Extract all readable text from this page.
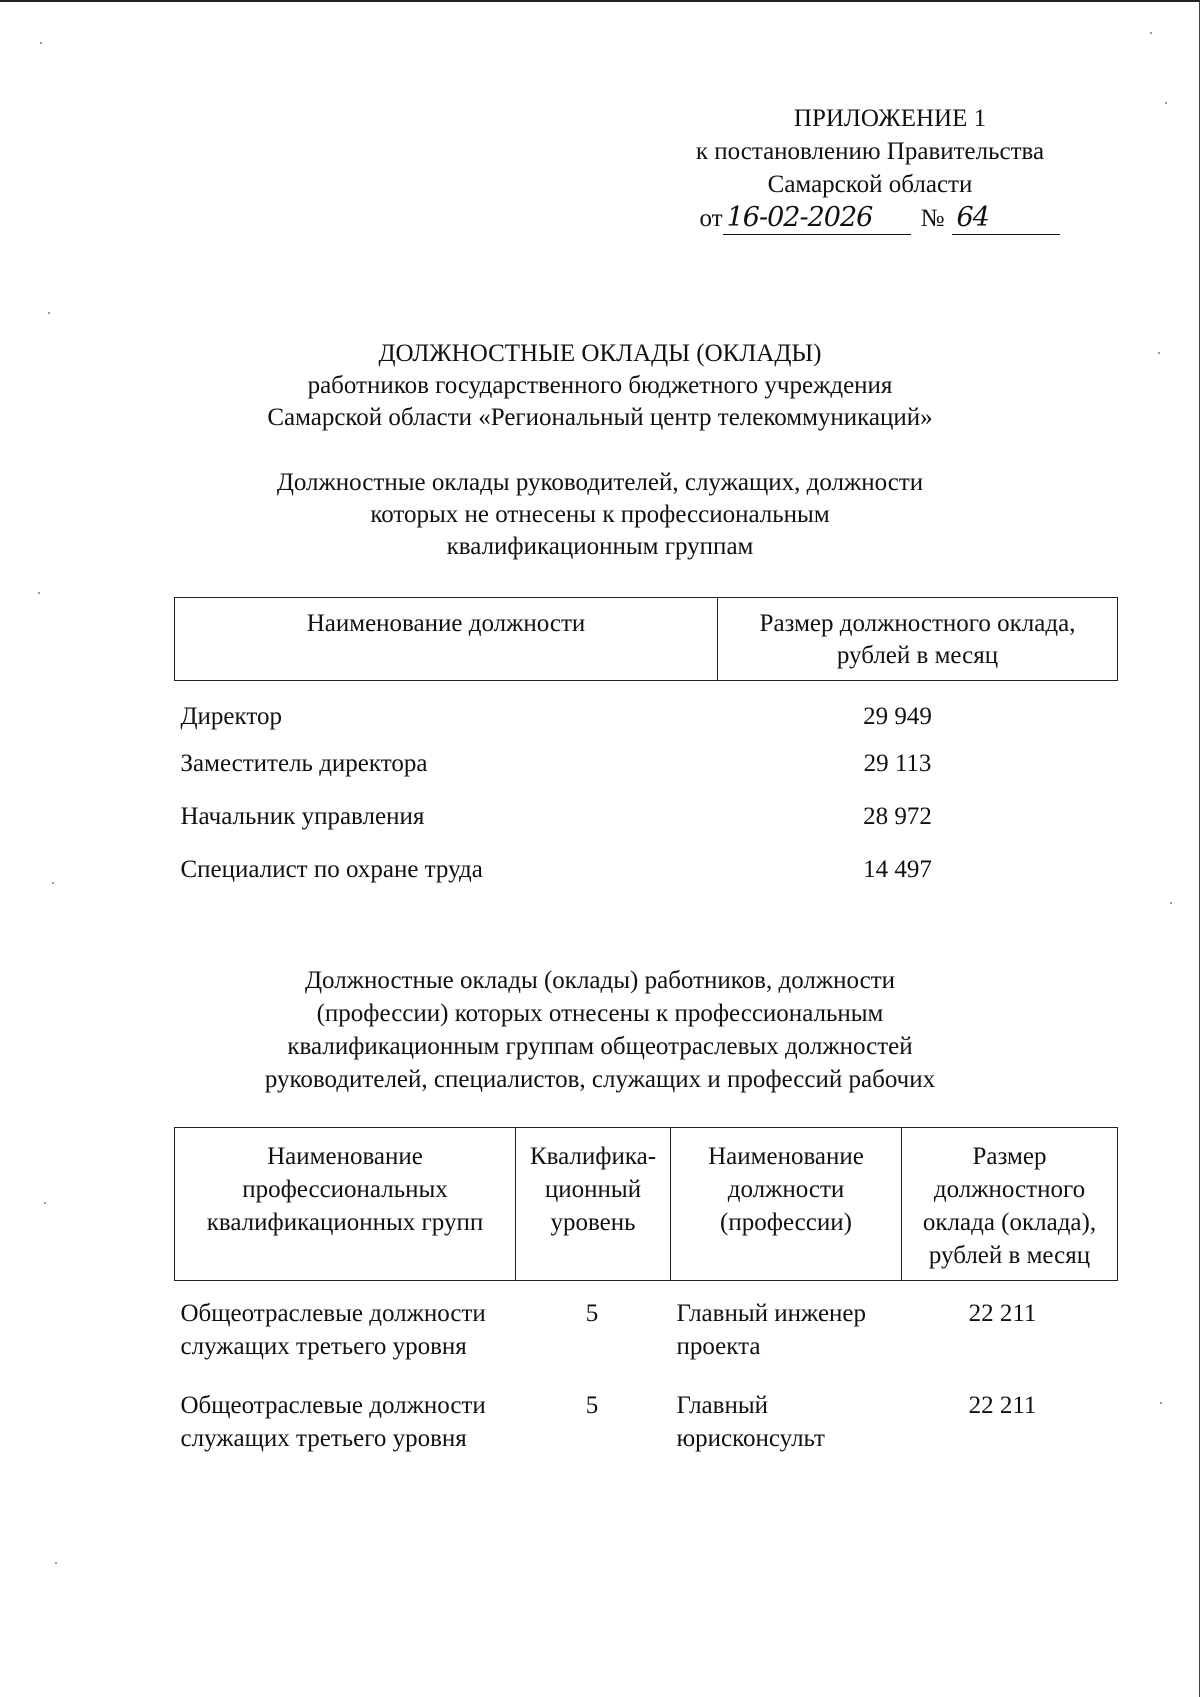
ПРИЛОЖЕНИЕ 1
к постановлению Правительства
Самарской области
от 16-02-2026	№ 64
ДОЛЖНОСТНЫЕ ОКЛАДЫ (ОКЛАДЫ)
работников государственного бюджетного учреждения
Самарской области «Региональный центр телекоммуникаций»
Должностные оклады руководителей, служащих, должности
которых не отнесены к профессиональным
квалификационным группам
Наименование должности	Размер должностного оклада, рублей в месяц
Директор	29 949
Заместитель директора	29 113
Начальник управления	28 972
Специалист по охране труда	14 497
Должностные оклады (оклады) работников, должности
(профессии) которых отнесены к профессиональным
квалификационным группам общеотраслевых должностей
руководителей, специалистов, служащих и профессий рабочих
Наименование профессиональных квалификационных групп	Квалифика-ционный уровень	Наименование должности (профессии)	Размер должностного оклада (оклада), рублей в месяц
Общеотраслевые должности служащих третьего уровня	5	Главный инженер проекта	22 211
Общеотраслевые должности служащих третьего уровня	5	Главный юрисконсульт	22 211
